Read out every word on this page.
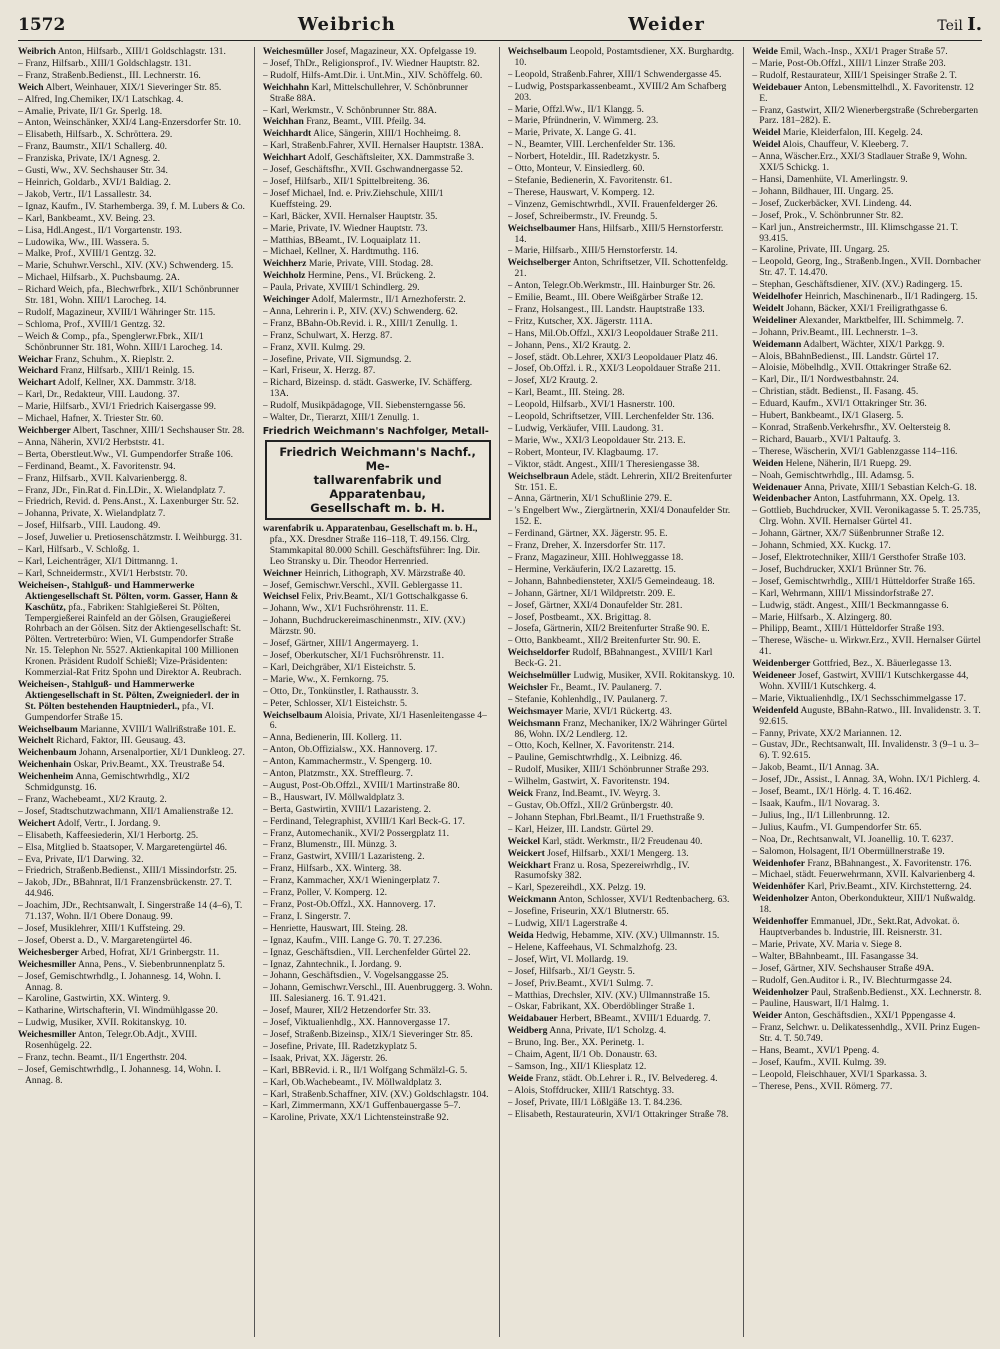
1572	Weibrich	Weider	Teil I.
Weibrich Anton, Hilfsarb., XIII/1 Goldschlagstr. 131.
– Franz, Hilfsarb., XIII/1 Goldschlagstr. 131.
– Franz, Straßenb.Bedienst., III. Lechnerstr. 16.
Weich Albert, Weinhauer, XIX/1 Sieveringer Str. 85.
– Alfred, Ing.Chemiker, IX/1 Latschkag. 4.
– Amalie, Private, II/1 Gr. Sperlg. 18.
– Anton, Weinschänker, XXI/4 Lang-Enzersdorfer Str. 10.
– Elisabeth, Hilfsarb., X. Schröttera. 29.
– Franz, Baumstr., XII/1 Schallerg. 40.
– Franziska, Private, IX/1 Agnesg. 2.
– Gusti, Ww., XV. Sechshauser Str. 34.
– Heinrich, Goldarb., XVI/1 Baldiag. 2.
– Jakob, Vertr., II/1 Lassallestr. 34.
– Ignaz, Kaufm., IV. Starhemberga. 39, f. M. Lubers & Co.
– Karl, Bankbeamt., XV. Being. 23.
– Lisa, Hdl.Angest., II/1 Vorgartenstr. 193.
– Ludowika, Ww., III. Wassera. 5.
– Malke, Prof., XVIII/1 Gentzg. 32.
– Marie, Schuhwr.Verschl., XIV. (XV.) Schwenderg. 15.
– Michael, Hilfsarb., X. Puchsbaumg. 2A.
– Richard Weich, pfa., Blechwrfbrk., XII/1 Schönbrunner Str. 181, Wohn. XIII/1 Larocheg. 14.
– Rudolf, Magazineur, XVIII/1 Währinger Str. 115.
– Schloma, Prof., XVIII/1 Gentzg. 32.
– Weich & Comp., pfa., Spenglerwr.Fbrk., XII/1 Schönbrunner Str. 181, Wohn. XIII/1 Larocheg. 14.
Weichar Franz, Schuhm., X. Rieplstr. 2.
Weichard Franz, Hilfsarb., XIII/1 Reinlg. 15.
Weichart Adolf, Kellner, XX. Dammstr. 3/18.
– Karl, Dr., Redakteur, VIII. Laudong. 37.
– Marie, Hilfsarb., XVI/1 Friedrich Kaisergasse 99.
– Michael, Hafner, X. Triester Str. 60.
Weichberger Albert, Taschner, XIII/1 Sechshauser Str. 28.
– Anna, Näherin, XVI/2 Herbststr. 41.
– Berta, Oberstleut.Ww., VI. Gumpendorfer Straße 106.
– Ferdinand, Beamt., X. Favoritenstr. 94.
– Franz, Hilfsarb., XVII. Kalvarienbergg. 8.
– Franz, JDr., Fin.Rat d. Fin.LDir., X. Wielandplatz 7.
– Friedrich, Revid. d. Pens.Anst., X. Laxenburger Str. 52.
– Johanna, Private, X. Wielandplatz 7.
– Josef, Hilfsarb., VIII. Laudong. 49.
– Josef, Juwelier u. Pretiosenschätzmstr. I. Weihburgg. 31.
– Karl, Hilfsarb., V. Schloßg. 1.
– Karl, Leichenträger, XI/1 Dittmanng. 1.
– Karl, Schneidermstr., XVI/1 Herbststr. 70.
Weicheisen-, Stahlguß- und Hammerwerke Aktiengesellschaft St. Pölten, vorm. Gasser, Hann & Kaschütz, pfa., Fabriken: Stahlgießerei St. Pölten, Tempergießerei Rainfeld an der Gölsen, Graugießerei Rohrbach an der Gölsen. Sitz der Aktiengesellschaft: St. Pölten. Vertreterbüro: Wien, VI. Gumpendorfer Straße Nr. 15. Telephon Nr. 5527. Aktienkapital 100 Millionen Kronen. Präsident Rudolf Schießl; Vize-Präsidenten: Kommerzial-Rat Fritz Spohn und Direktor A. Reubrach.
Weicheisen-, Stahlguß- und Hammerwerke Aktiengesellschaft in St. Pölten, Zweigniederl. der in St. Pölten bestehenden Hauptniederl., pfa., VI. Gumpendorfer Straße 15.
Weichselbaum Marianne, XVIII/1 Wallrißstraße 101. E.
Weichelt Richard, Faktor, III. Geusaug. 43.
Weichenbaum Johann, Arsenalportier, XI/1 Dunkleog. 27.
Weichenhain Oskar, Priv.Beamt., XX. Treustraße 54.
Weichenheim Anna, Gemischtwrhdlg., XI/2 Schmidgunstg. 16.
– Franz, Wachebeamt., XI/2 Krautg. 2.
– Josef, Stadtschutzwachmann, XII/1 Amalienstraße 12.
Weichert Adolf, Vertr., I. Jordang. 9.
– Elisabeth, Kaffeesiederin, XI/1 Herbortg. 25.
– Elsa, Mitglied b. Staatsoper, V. Margaretengürtel 46.
– Eva, Private, II/1 Darwing. 32.
– Friedrich, Straßenb.Bedienst., XIII/1 Missindorfstr. 25.
– Jakob, JDr., BBahnrat, II/1 Franzensbrückenstr. 27. T. 44.946.
– Joachim, JDr., Rechtsanwalt, I. Singerstraße 14 (4–6), T. 71.137, Wohn. II/1 Obere Donaug. 99.
– Josef, Musiklehrer, XIII/1 Kuffsteing. 29.
– Josef, Oberst a. D., V. Margaretengürtel 46.
Weichesberger Arbed, Hofrat, XI/1 Grinbergstr. 11.
Weichesmiller Anna, Pens., V. Siebenbrunnenplatz 5.
– Josef, Gemischtwrhdlg., I. Johannesg. 14, Wohn. I. Annag. 8.
– Karoline, Gastwirtin, XX. Winterg. 9.
– Katharine, Wirtschafterin, VI. Windmühlgasse 20.
– Ludwig, Musiker, XVII. Rokitanskyg. 10.
Weichesmiller Anton, Telegr.Ob.Adjt., XVIII. Rosenhügelg. 22.
– Franz, techn. Beamt., II/1 Engerthstr. 204.
– Josef, Gemischtwrhdlg., I. Johannesg. 14, Wohn. I. Annag. 8.
Weichesmüller Josef, Magazineur, XX. Opfelgasse 19.
– Josef, ThDr., Religionsprof., IV. Wiedner Hauptstr. 82.
– Rudolf, Hilfs-Amt.Dir. i. Unt.Min., XIV. Schöffelg. 60.
Weichhahn Karl, Mittelschullehrer, V. Schönbrunner Straße 88A.
– Karl, Werkmstr., V. Schönbrunner Str. 88A.
Weichhan Franz, Beamt., VIII. Pfeilg. 34.
Weichhardt Alice, Sängerin, XIII/1 Hochheimg. 8.
– Karl, Straßenb.Fahrer, XVII. Hernalser Hauptstr. 138A.
Weichhart Adolf, Geschäftsleiter, XX. Dammstraße 3.
– Josef, Geschäftsfhr., XVII. Gschwandnergasse 52.
– Josef, Hilfsarb., XII/1 Spittelbreiteng. 36.
– Josef Michael, Ind. e. Priv.Ziehschule, XIII/1 Kueffsteing. 29.
– Karl, Bäcker, XVII. Hernalser Hauptstr. 35.
– Marie, Private, IV. Wiedner Hauptstr. 73.
– Matthias, BBeamt., IV. Loquaiplatz 11.
– Michael, Kellner, X. Hardtmuthg. 116.
Weichherz Marie, Private, VIII. Stodag. 28.
Weichholz Hermine, Pens., VI. Brückeng. 2.
– Paula, Private, XVIII/1 Schindlerg. 29.
Weichinger Adolf, Malermstr., II/1 Arnezhoferstr. 2.
– Anna, Lehrerin i. P., XIV. (XV.) Schwenderg. 62.
– Franz, BBahn-Ob.Revid. i. R., XIII/1 Zenullg. 1.
– Franz, Schulwart, X. Herzg. 87.
– Franz, XVII. Kulmg. 29.
– Josefine, Private, VII. Sigmundsg. 2.
– Karl, Friseur, X. Herzg. 87.
– Richard, Bizeinsp. d. städt. Gaswerke, IV. Schäfferg. 13A.
– Rudolf, Musikpädagoge, VII. Siebensterngasse 56.
– Walter, Dr., Tierarzt, XIII/1 Zenullg. 1.
Friedrich Weichmann's Nachfolger, Metall-
Friedrich Weichmann's Nachf., Me-
tallwarenfabrik und Apparatenbau,
Gesellschaft m. b. H.
warenfabrik u. Apparatenbau, Gesellschaft m. b. H., pfa., XX. Dresdner Straße 116–118, T. 49.156. Clrg. Stammkapital 80.000 Schill. Geschäftsführer: Ing. Dir. Leo Stransky u. Dir. Theodor Herrenried.
Weichner Heinrich, Lithograph, XV. Märzstraße 40.
– Josef, Gemischwr.Verschl., XVII. Geblergasse 11.
Weichsel Felix, Priv.Beamt., XI/1 Gottschalkgasse 6.
– Johann, Ww., XI/1 Fuchsröhrenstr. 11. E.
– Johann, Buchdruckereimaschinenmstr., XIV. (XV.) Märzstr. 90.
– Josef, Gärtner, XIII/1 Angermayerg. 1.
– Josef, Oberkutscher, XI/1 Fuchsröhrenstr. 11.
– Karl, Deichgräber, XI/1 Eisteichstr. 5.
– Marie, Ww., X. Fernkorng. 75.
– Otto, Dr., Tonkünstler, I. Rathausstr. 3.
– Peter, Schlosser, XI/1 Eisteichstr. 5.
Weichselbaum Aloisia, Private, XI/1 Hasenleitengasse 4–6.
– Anna, Bedienerin, III. Kollerg. 11.
– Anton, Ob.Offizialsw., XX. Hannoverg. 17.
– Anton, Kammachermstr., V. Spengerg. 10.
– Anton, Platzmstr., XX. Streffleurg. 7.
– August, Post-Ob.Offzl., XVIII/1 Martinstraße 80.
– B., Hauswart, IV. Möllwaldplatz 3.
– Berta, Gastwirtin, XVIII/1 Lazaristeng. 2.
– Ferdinand, Telegraphist, XVIII/1 Karl Beck-G. 17.
– Franz, Automechanik., XVI/2 Possergplatz 11.
– Franz, Blumenstr., III. Münzg. 3.
– Franz, Gastwirt, XVIII/1 Lazaristeng. 2.
– Franz, Hilfsarb., XX. Winterg. 38.
– Franz, Kammacher, XX/1 Wieningerplatz 7.
– Franz, Poller, V. Komperg. 12.
– Franz, Post-Ob.Offzl., XX. Hannoverg. 17.
– Franz, I. Singerstr. 7.
– Henriette, Hauswart, III. Steing. 28.
– Ignaz, Kaufm., VIII. Lange G. 70. T. 27.236.
– Ignaz, Geschäftsdien., VII. Lerchenfelder Gürtel 22.
– Ignaz, Zahntechnik., I. Jordang. 9.
– Johann, Geschäftsdien., V. Vogelsanggasse 25.
– Johann, Gemischwr.Verschl., III. Auenbruggerg. 3. Wohn. III. Salesianerg. 16. T. 91.421.
– Josef, Maurer, XII/2 Hetzendorfer Str. 33.
– Josef, Viktualienhdlg., XX. Hannovergasse 17.
– Josef, Straßenb.Bizeinsp., XIX/1 Sieveringer Str. 85.
– Josefine, Private, III. Radetzkyplatz 5.
– Isaak, Privat, XX. Jägerstr. 26.
– Karl, BBRevid. i. R., II/1 Wolfgang Schmälzl-G. 5.
– Karl, Ob.Wachebeamt., IV. Möllwaldplatz 3.
– Karl, Straßenb.Schaffner, XIV. (XV.) Goldschlagstr. 104.
– Karl, Zimmermann, XX/1 Guffenbauergasse 5–7.
– Karoline, Private, XX/1 Lichtensteinstraße 92.
Weichselbaum Leopold, Postamtsdiener, XX. Burghardtg. 10.
– Leopold, Straßenb.Fahrer, XIII/1 Schwendergasse 45.
– Ludwig, Postsparkassenbeamt., XVIII/2 Am Schafberg 203.
– Marie, Offzl.Ww., II/1 Klangg. 5.
– Marie, Pfründnerin, V. Wimmerg. 23.
– Marie, Private, X. Lange G. 41.
– N., Beamter, VIII. Lerchenfelder Str. 136.
– Norbert, Hoteldir., III. Radetzkystr. 5.
– Otto, Monteur, V. Einsiedlerg. 60.
– Stefanie, Bedienerin, X. Favoritenstr. 61.
– Therese, Hauswart, V. Komperg. 12.
– Vinzenz, Gemischtwrhdl., XVII. Frauenfelderger 26.
– Josef, Schreibermstr., IV. Freundg. 5.
Weichselbaumer Hans, Hilfsarb., XIII/5 Hernstorferstr. 14.
– Marie, Hilfsarb., XIII/5 Hernstorferstr. 14.
Weichselberger Anton, Schriftsetzer, VII. Schottenfeldg. 21.
– Anton, Telegr.Ob.Werkmstr., III. Hainburger Str. 26.
– Emilie, Beamt., III. Obere Weißgärber Straße 12.
– Franz, Holsangest., III. Landstr. Hauptstraße 133.
– Fritz, Kutscher, XX. Jägerstr. 111A.
– Hans, Mil.Ob.Offzl., XXI/3 Leopoldauer Straße 211.
– Johann, Pens., XI/2 Krautg. 2.
– Josef, städt. Ob.Lehrer, XXI/3 Leopoldauer Platz 46.
– Josef, Ob.Offzl. i. R., XXI/3 Leopoldauer Straße 211.
– Josef, XI/2 Krautg. 2.
– Karl, Beamt., III. Steing. 28.
– Leopold, Hilfsarb., XVI/1 Hasnerstr. 100.
– Leopold, Schriftsetzer, VIII. Lerchenfelder Str. 136.
– Ludwig, Verkäufer, VIII. Laudong. 31.
– Marie, Ww., XXI/3 Leopoldauer Str. 213. E.
– Robert, Monteur, IV. Klagbaumg. 17.
– Viktor, städt. Angest., XIII/1 Theresiengasse 38.
Weichselbraun Adele, städt. Lehrerin, XII/2 Breitenfurter Str. 151. E.
– Anna, Gärtnerin, XI/1 Schußlinie 279. E.
– 's Engelbert Ww., Ziergärtnerin, XXI/4 Donaufelder Str. 152. E.
– Ferdinand, Gärtner, XX. Jägerstr. 95. E.
– Franz, Dreher, X. Inzersdorfer Str. 117.
– Franz, Magazineur, XIII. Hohlweggasse 18.
– Hermine, Verkäuferin, IX/2 Lazarettg. 15.
– Johann, Bahnbediensteter, XXI/5 Gemeindeaug. 18.
– Johann, Gärtner, XI/1 Wildpretstr. 209. E.
– Josef, Gärtner, XXI/4 Donaufelder Str. 281.
– Josef, Postbeamt., XX. Brigittag. 8.
– Josefa, Gärtnerin, XII/2 Breitenfurter Straße 90. E.
– Otto, Bankbeamt., XII/2 Breitenfurter Str. 90. E.
Weichseldorfer Rudolf, BBahnangest., XVIII/1 Karl Beck-G. 21.
Weichselmüller Ludwig, Musiker, XVII. Rokitanskyg. 10.
Weichsler Fr., Beamt., IV. Paulanerg. 7.
– Stefanie, Kohlenhdlg., IV. Paulanerg. 7.
Weichsmayer Marie, XVI/1 Rückertg. 43.
Weichsmann Franz, Mechaniker, IX/2 Währinger Gürtel 86, Wohn. IX/2 Lendlerg. 12.
– Otto, Koch, Kellner, X. Favoritenstr. 214.
– Pauline, Gemischtwrhdlg., X. Leibnizg. 46.
– Rudolf, Musiker, XIII/1 Schönbrunner Straße 293.
– Wilhelm, Gastwirt, X. Favoritenstr. 194.
Weick Franz, Ind.Beamt., IV. Weyrg. 3.
– Gustav, Ob.Offzl., XII/2 Grünbergstr. 40.
– Johann Stephan, Fbrl.Beamt., II/1 Fruethstraße 9.
– Karl, Heizer, III. Landstr. Gürtel 29.
Weickel Karl, städt. Werkmstr., II/2 Freudenau 40.
Weickert Josef, Hilfsarb., XXI/1 Mengerg. 13.
Weickhart Franz u. Rosa, Spezereiwrhdlg., IV. Rasumofsky 382.
– Karl, Spezereihdl., XX. Pelzg. 19.
Weickmann Anton, Schlosser, XVI/1 Redtenbacherg. 63.
– Josefine, Friseurin, XX/1 Blutnerstr. 65.
– Ludwig, XII/1 Lagerstraße 4.
Weida Hedwig, Hebamme, XIV. (XV.) Ullmannstr. 15.
– Helene, Kaffeehaus, VI. Schmalzhofg. 23.
– Josef, Wirt, VI. Mollardg. 19.
– Josef, Hilfsarb., XI/1 Geystr. 5.
– Josef, Priv.Beamt., XVI/1 Sulmg. 7.
– Matthias, Drechsler, XIV. (XV.) Ullmannstraße 15.
– Oskar, Fabrikant, XX. Oberdöblinger Straße 1.
Weidabauer Herbert, BBeamt., XVIII/1 Eduardg. 7.
Weidberg Anna, Private, II/1 Scholzg. 4.
– Bruno, Ing. Ber., XX. Perinetg. 1.
– Chaim, Agent, II/1 Ob. Donaustr. 63.
– Samson, Ing., XII/1 Kliesplatz 12.
Weide Franz, städt. Ob.Lehrer i. R., IV. Belvedereg. 4.
– Alois, Stoffdrucker, XIII/1 Ratschtyg. 33.
– Josef, Private, III/1 Lößlgäße 13. T. 84.236.
– Elisabeth, Restaurateurin, XVI/1 Ottakringer Straße 78.
Weide Emil, Wach.-Insp., XXI/1 Prager Straße 57.
– Marie, Post-Ob.Offzl., XIII/1 Linzer Straße 203.
– Rudolf, Restaurateur, XIII/1 Speisinger Straße 2. T.
Weidebauer Anton, Lebensmittelhdl., X. Favoritenstr. 12 E.
– Franz, Gastwirt, XII/2 Wienerbergstraße (Schrebergarten Parz. 181–282). E.
Weidel Marie, Kleiderfalon, III. Kegelg. 24.
Weidel Alois, Chauffeur, V. Kleeberg. 7.
– Anna, Wäscher.Erz., XXI/3 Stadlauer Straße 9, Wohn. XXI/5 Schickg. 1.
– Hansi, Damenhüte, VI. Amerlingstr. 9.
– Johann, Bildhauer, III. Ungarg. 25.
– Josef, Zuckerbäcker, XVI. Lindeng. 44.
– Josef, Prok., V. Schönbrunner Str. 82.
– Karl jun., Anstreichermstr., III. Klimschgasse 21. T. 93.415.
– Karoline, Private, III. Ungarg. 25.
– Leopold, Georg, Ing., Straßenb.Ingen., XVII. Dornbacher Str. 47. T. 14.470.
– Stephan, Geschäftsdiener, XIV. (XV.) Radingerg. 15.
Weidelhofer Heinrich, Maschinenarb., II/1 Radingerg. 15.
Weidelt Johann, Bäcker, XXI/1 Freiligrathgasse 6.
Weideliner Alexander, Marktbelfer, III. Schimmelg. 7.
– Johann, Priv.Beamt., III. Lechnerstr. 1–3.
Weidemann Adalbert, Wächter, XIX/1 Parkgg. 9.
– Alois, BBahnBedienst., III. Landstr. Gürtel 17.
– Aloisie, Möbelhdlg., XVII. Ottakringer Straße 62.
– Karl, Dir., II/1 Nordwestbahnstr. 24.
– Christian, städt. Bedienst., II. Fasang. 45.
– Eduard, Kaufm., XVI/1 Ottakringer Str. 36.
– Hubert, Bankbeamt., IX/1 Glaserg. 5.
– Konrad, Straßenb.Verkehrsfhr., XV. Oeltersteig 8.
– Richard, Bauarb., XVI/1 Paltaufg. 3.
– Therese, Wäscherin, XVI/1 Gablenzgasse 114–116.
Weiden Helene, Näherin, II/1 Ruepg. 29.
– Noah, Gemischtwrhdlg., III. Adamsg. 5.
Weidenauer Anna, Private, XIII/1 Sebastian Kelch-G. 18.
Weidenbacher Anton, Lastfuhrmann, XX. Opelg. 13.
– Gottlieb, Buchdrucker, XVII. Veronikagasse 5. T. 25.735, Clrg. Wohn. XVII. Hernalser Gürtel 41.
– Johann, Gärtner, XX/7 Süßenbrunner Straße 12.
– Johann, Schmied, XX. Kuckg. 17.
– Josef, Elektrotechniker, XIII/1 Gersthofer Straße 103.
– Josef, Buchdrucker, XXI/1 Brünner Str. 76.
– Josef, Gemischtwrhdlg., XIII/1 Hütteldorfer Straße 165.
– Karl, Wehrmann, XIII/1 Missindorfstraße 27.
– Ludwig, städt. Angest., XIII/1 Beckmanngasse 6.
– Marie, Hilfsarb., X. Alzingerg. 80.
– Philipp, Beamt., XIII/1 Hütteldorfer Straße 193.
– Therese, Wäsche- u. Wirkwr.Erz., XVII. Hernalser Gürtel 41.
Weidenberger Gottfried, Bez., X. Bäuerlegasse 13.
Weideneer Josef, Gastwirt, XVIII/1 Kutschkergasse 44, Wohn. XVIII/1 Kutschkerg. 4.
– Marie, Viktualienhdlg., IX/1 Sechsschimmelgasse 17.
Weidenfeld Auguste, BBahn-Ratwo., III. Invalidenstr. 3. T. 92.615.
– Fanny, Private, XX/2 Mariannen. 12.
– Gustav, JDr., Rechtsanwalt, III. Invalidenstr. 3 (9–1 u. 3–6). T. 92.615.
– Jakob, Beamt., II/1 Annag. 3A.
– Josef, JDr., Assist., I. Annag. 3A, Wohn. IX/1 Pichlerg. 4.
– Josef, Beamt., IX/1 Hörlg. 4. T. 16.462.
– Isaak, Kaufm., II/1 Novarag. 3.
– Julius, Ing., II/1 Lillenbrunng. 12.
– Julius, Kaufm., VI. Gumpendorfer Str. 65.
– Noa, Dr., Rechtsanwalt, VI. Joanellig. 10. T. 6237.
– Salomon, Holsagent, II/1 Obermüllnerstraße 19.
Weidenhofer Franz, BBahnangest., X. Favoritenstr. 176.
– Michael, städt. Feuerwehrmann, XVII. Kalvarienberg 4.
Weidenhöfer Karl, Priv.Beamt., XIV. Kirchstetterng. 24.
Weidenholzer Anton, Oberkondukteur, XIII/1 Nußwaldg. 18.
Weidenhoffer Emmanuel, JDr., Sekt.Rat, Advokat. ö. Hauptverbandes b. Industrie, III. Reisnerstr. 31.
– Marie, Private, XV. Maria v. Siege 8.
– Walter, BBahnbeamt., III. Fasangasse 34.
– Josef, Gärtner, XIV. Sechshauser Straße 49A.
– Rudolf, Gen.Auditor i. R., IV. Blechturmgasse 24.
Weidenholzer Paul, Straßenb.Bedienst., XX. Lechnerstr. 8.
– Pauline, Hauswart, II/1 Halmg. 1.
Weider Anton, Geschäftsdien., XXI/1 Pppengasse 4.
– Franz, Selchwr. u. Delikatessenhdlg., XVII. Prinz Eugen-Str. 4. T. 50.749.
– Hans, Beamt., XVI/1 Ppeng. 4.
– Josef, Kaufm., XVII. Kulmg. 39.
– Leopold, Fleischhauer, XVI/1 Sparkassa. 3.
– Therese, Pens., XVII. Römerg. 77.
